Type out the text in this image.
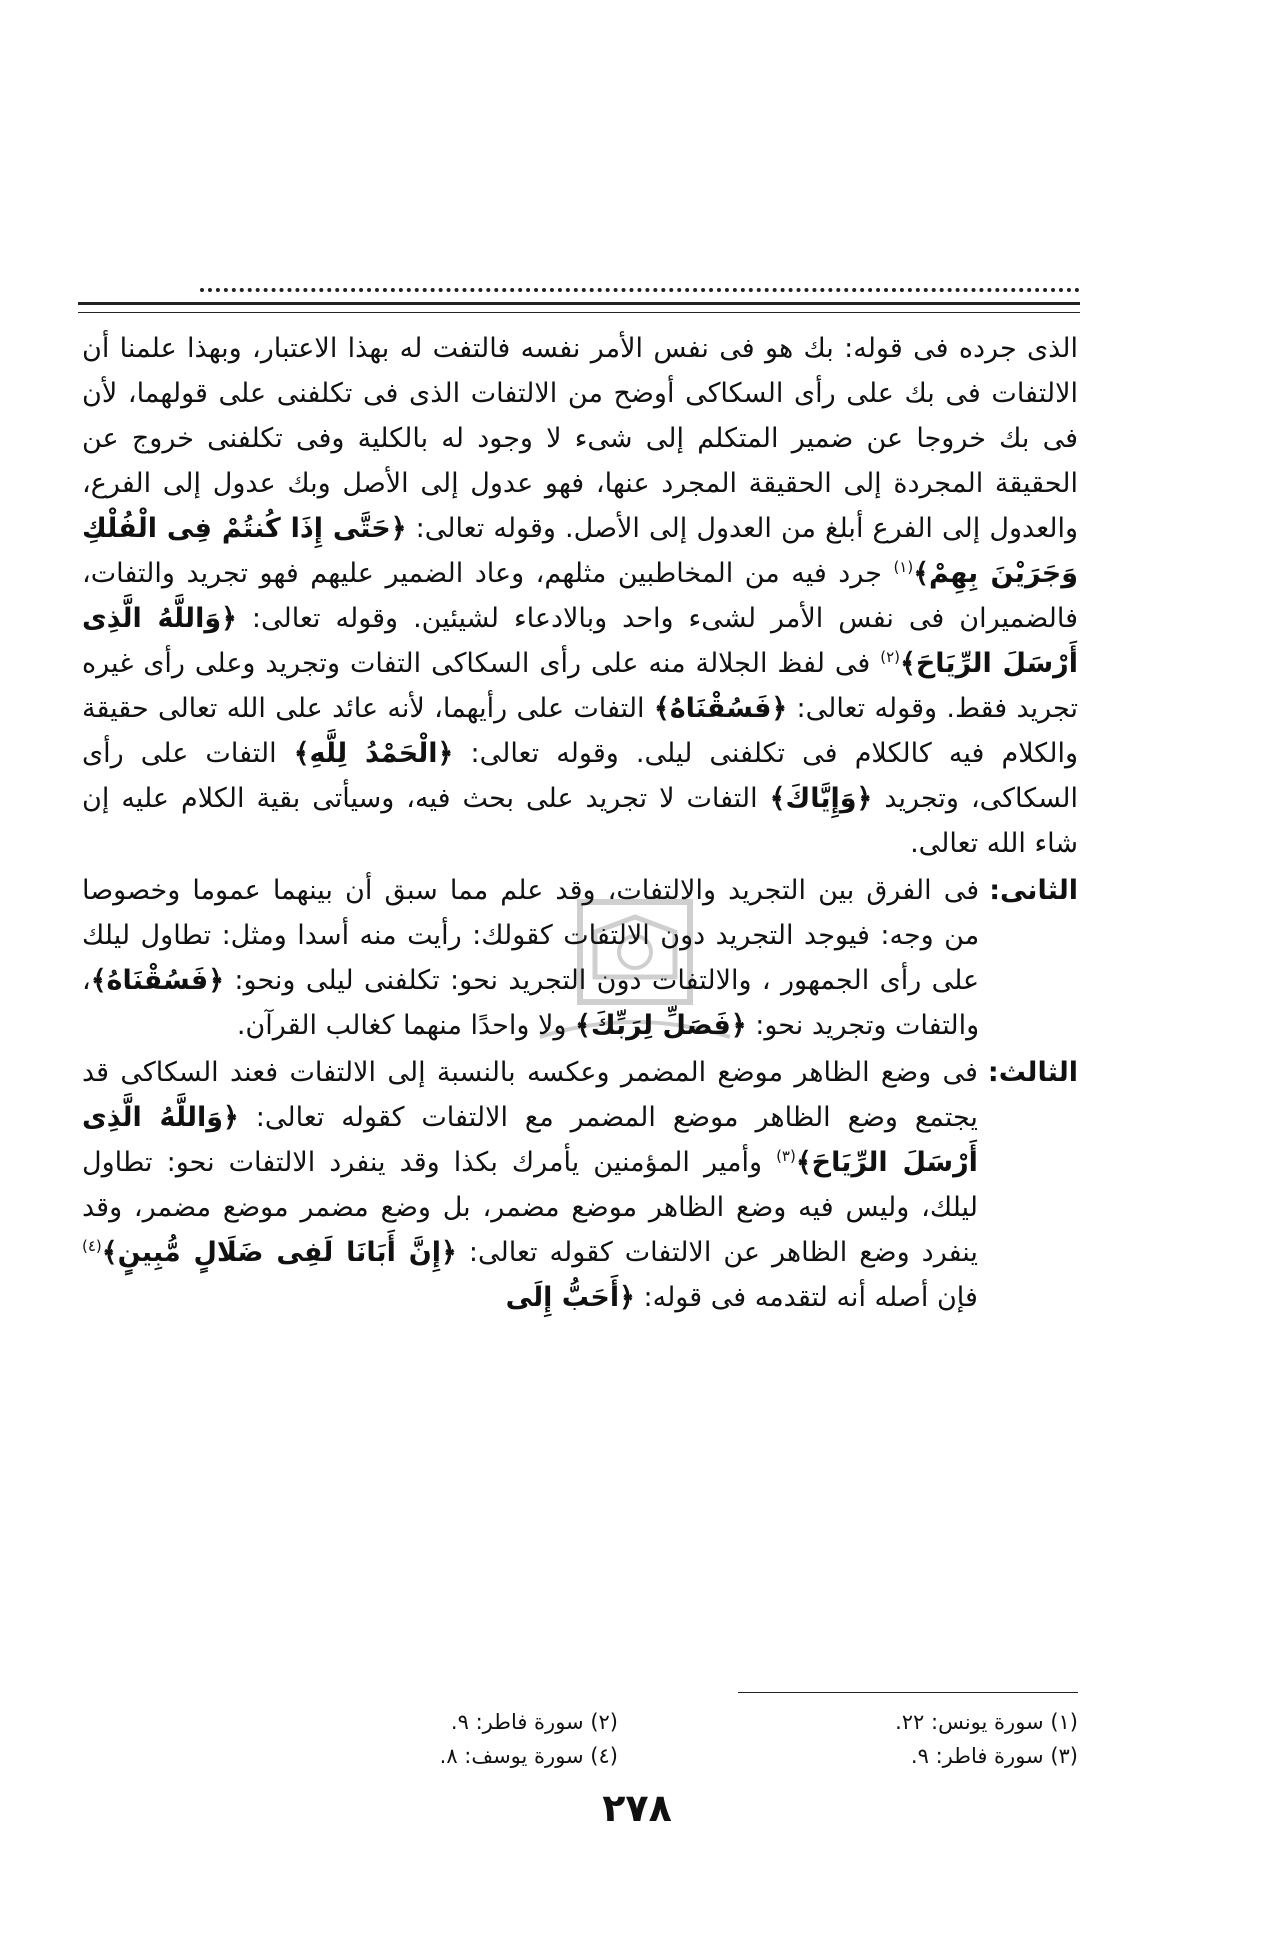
الذى جرده فى قوله: بك هو فى نفس الأمر نفسه فالتفت له بهذا الاعتبار، وبهذا علمنا أن الالتفات فى بك على رأى السكاكى أوضح من الالتفات الذى فى تكلفنى على قولهما، لأن فى بك خروجا عن ضمير المتكلم إلى شىء لا وجود له بالكلية وفى تكلفنى خروج عن الحقيقة المجردة إلى الحقيقة المجرد عنها، فهو عدول إلى الأصل وبك عدول إلى الفرع، والعدول إلى الفرع أبلغ من العدول إلى الأصل. وقوله تعالى: ﴿حَتَّى إِذَا كُنتُمْ فِى الْفُلْكِ وَجَرَيْنَ بِهِمْ﴾$^{(١)}$ جرد فيه من المخاطبين مثلهم، وعاد الضمير عليهم فهو تجريد والتفات، فالضميران فى نفس الأمر لشىء واحد وبالادعاء لشيئين. وقوله تعالى: ﴿وَاللَّهُ الَّذِى أَرْسَلَ الرِّيَاحَ﴾$^{(٢)}$ فى لفظ الجلالة منه على رأى السكاكى التفات وتجريد وعلى رأى غيره تجريد فقط. وقوله تعالى: ﴿فَسُقْنَاهُ﴾ التفات على رأيهما، لأنه عائد على الله تعالى حقيقة والكلام فيه كالكلام فى تكلفنى ليلى. وقوله تعالى: ﴿الْحَمْدُ لِلَّهِ﴾ التفات على رأى السكاكى، وتجريد ﴿وَإِيَّاكَ﴾ التفات لا تجريد على بحث فيه، وسيأتى بقية الكلام عليه إن شاء الله تعالى.

الثانى:
فى الفرق بين التجريد والالتفات، وقد علم مما سبق أن بينهما عموما وخصوصا من وجه: فيوجد التجريد دون الالتفات كقولك: رأيت منه أسدا ومثل: تطاول ليلك على رأى الجمهور ، والالتفات دون التجريد نحو: تكلفنى ليلى ونحو: ﴿فَسُقْنَاهُ﴾، والتفات وتجريد نحو: ﴿فَصَلِّ لِرَبِّكَ﴾ ولا واحدًا منهما كغالب القرآن.
الثالث:
فى وضع الظاهر موضع المضمر وعكسه بالنسبة إلى الالتفات فعند السكاكى قد يجتمع وضع الظاهر موضع المضمر مع الالتفات كقوله تعالى: ﴿وَاللَّهُ الَّذِى أَرْسَلَ الرِّيَاحَ﴾$^{(٣)}$ وأمير المؤمنين يأمرك بكذا وقد ينفرد الالتفات نحو: تطاول ليلك، وليس فيه وضع الظاهر موضع مضمر، بل وضع مضمر موضع مضمر، وقد ينفرد وضع الظاهر عن الالتفات كقوله تعالى: ﴿إِنَّ أَبَانَا لَفِى ضَلَالٍ مُّبِينٍ﴾$^{(٤)}$ فإن أصله أنه لتقدمه فى قوله: ﴿أَحَبُّ إِلَى
(١) سورة يونس: ٢٢.
(٢) سورة فاطر: ٩.
(٣) سورة فاطر: ٩.
(٤) سورة يوسف: ٨.
٢٧٨
